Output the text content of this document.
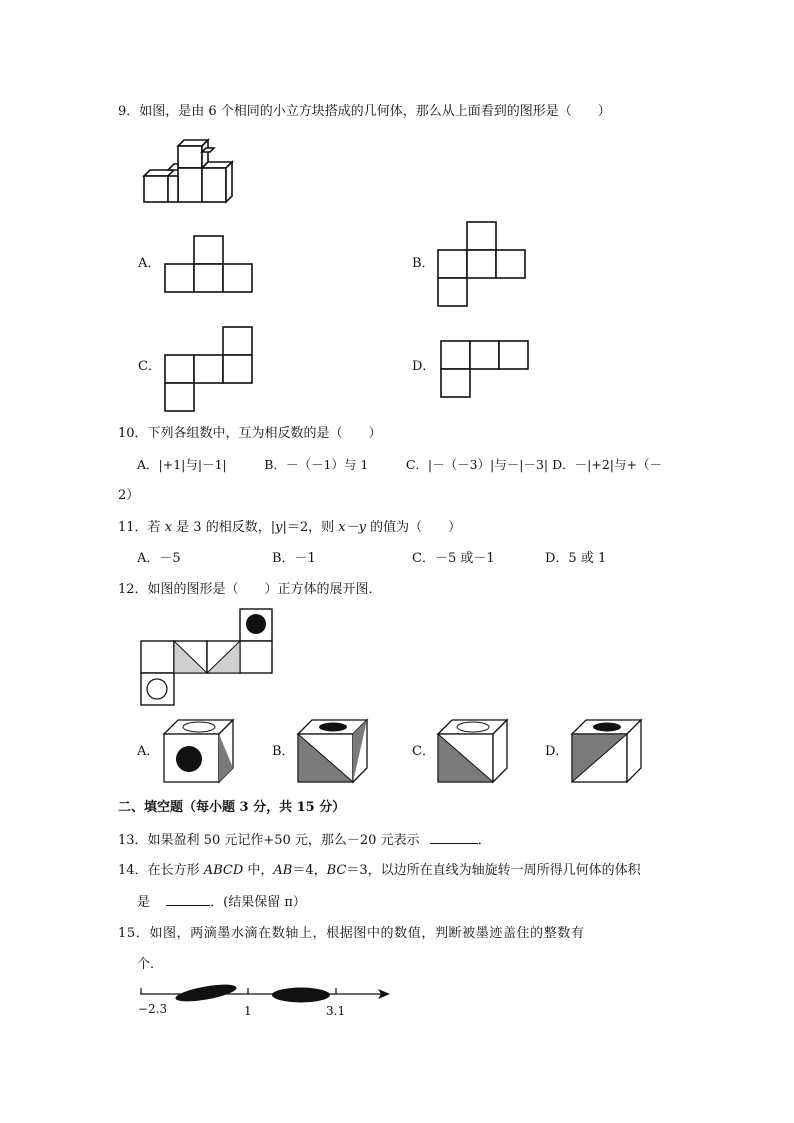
9．如图，是由 6 个相同的小立方块搭成的几何体，那么从上面看到的图形是（　　）
A．	B．
C．	D．
10．下列各组数中，互为相反数的是（　　）
A．|+1|与|－1|　　　B．－（－1）与 1　　　C．|－（－3）|与－|－3| D．－|+2|与+（－
2）
11．若 x 是 3 的相反数，|y|＝2，则 x－y 的值为（　　）
A．－5	B．－1	C．－5 或－1	D．5 或 1
12．如图的图形是（　　）正方体的展开图．
A．	B．	C．	D．
二、填空题（每小题 3 分，共 15 分）
13．如果盈利 50 元记作+50 元，那么－20 元表示	．
14．在长方形 ABCD 中，AB＝4，BC＝3，以边所在直线为轴旋转一周所得几何体的体积
是	．(结果保留 π）
15．如图，两滴墨水滴在数轴上，根据图中的数值，判断被墨迹盖住的整数有
个．
−2.3	1	3.1
